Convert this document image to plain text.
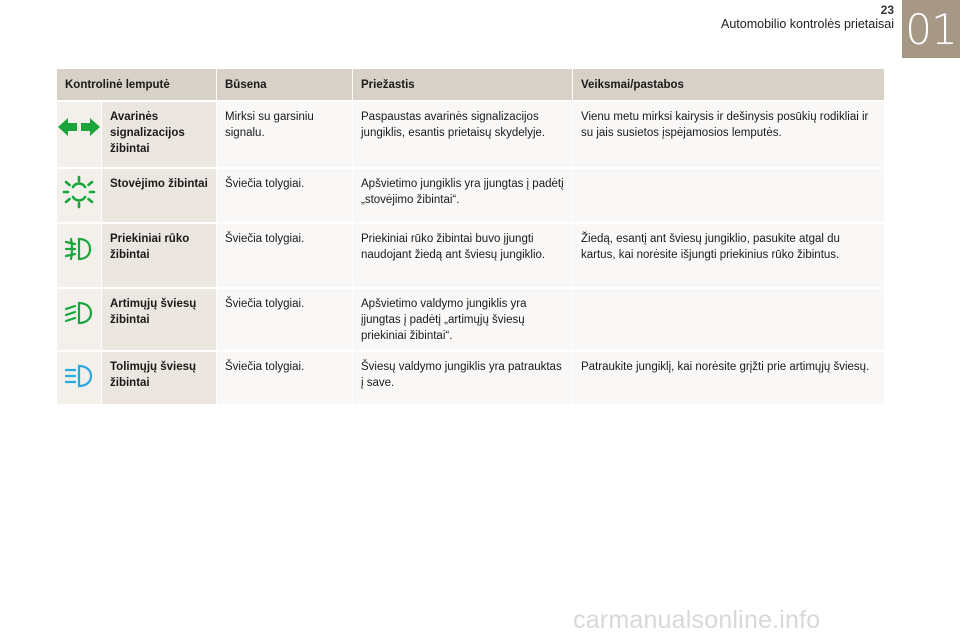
23
Automobilio kontrolės prietaisai 01
Kontrolinė lemputė		Būsena	Priežastis	Veiksmai/pastabos
	Avarinės signalizacijos žibintai	Mirksi su garsiniu signalu.	Paspaustas avarinės signalizacijos jungiklis, esantis prietaisų skydelyje.	Vienu metu mirksi kairysis ir dešinysis posūkių rodikliai ir su jais susietos įspėjamosios lemputės.
	Stovėjimo žibintai	Šviečia tolygiai.	Apšvietimo jungiklis yra įjungtas į padėtį „stovėjimo žibintai“.	
	Priekiniai rūko žibintai	Šviečia tolygiai.	Priekiniai rūko žibintai buvo įjungti naudojant žiedą ant šviesų jungiklio.	Žiedą, esantį ant šviesų jungiklio, pasukite atgal du kartus, kai norėsite išjungti priekinius rūko žibintus.
	Artimųjų šviesų žibintai	Šviečia tolygiai.	Apšvietimo valdymo jungiklis yra įjungtas į padėtį „artimųjų šviesų priekiniai žibintai“.	
	Tolimųjų šviesų žibintai	Šviečia tolygiai.	Šviesų valdymo jungiklis yra patrauktas į save.	Patraukite jungiklį, kai norėsite grįžti prie artimųjų šviesų.
carmanualsonline.info
